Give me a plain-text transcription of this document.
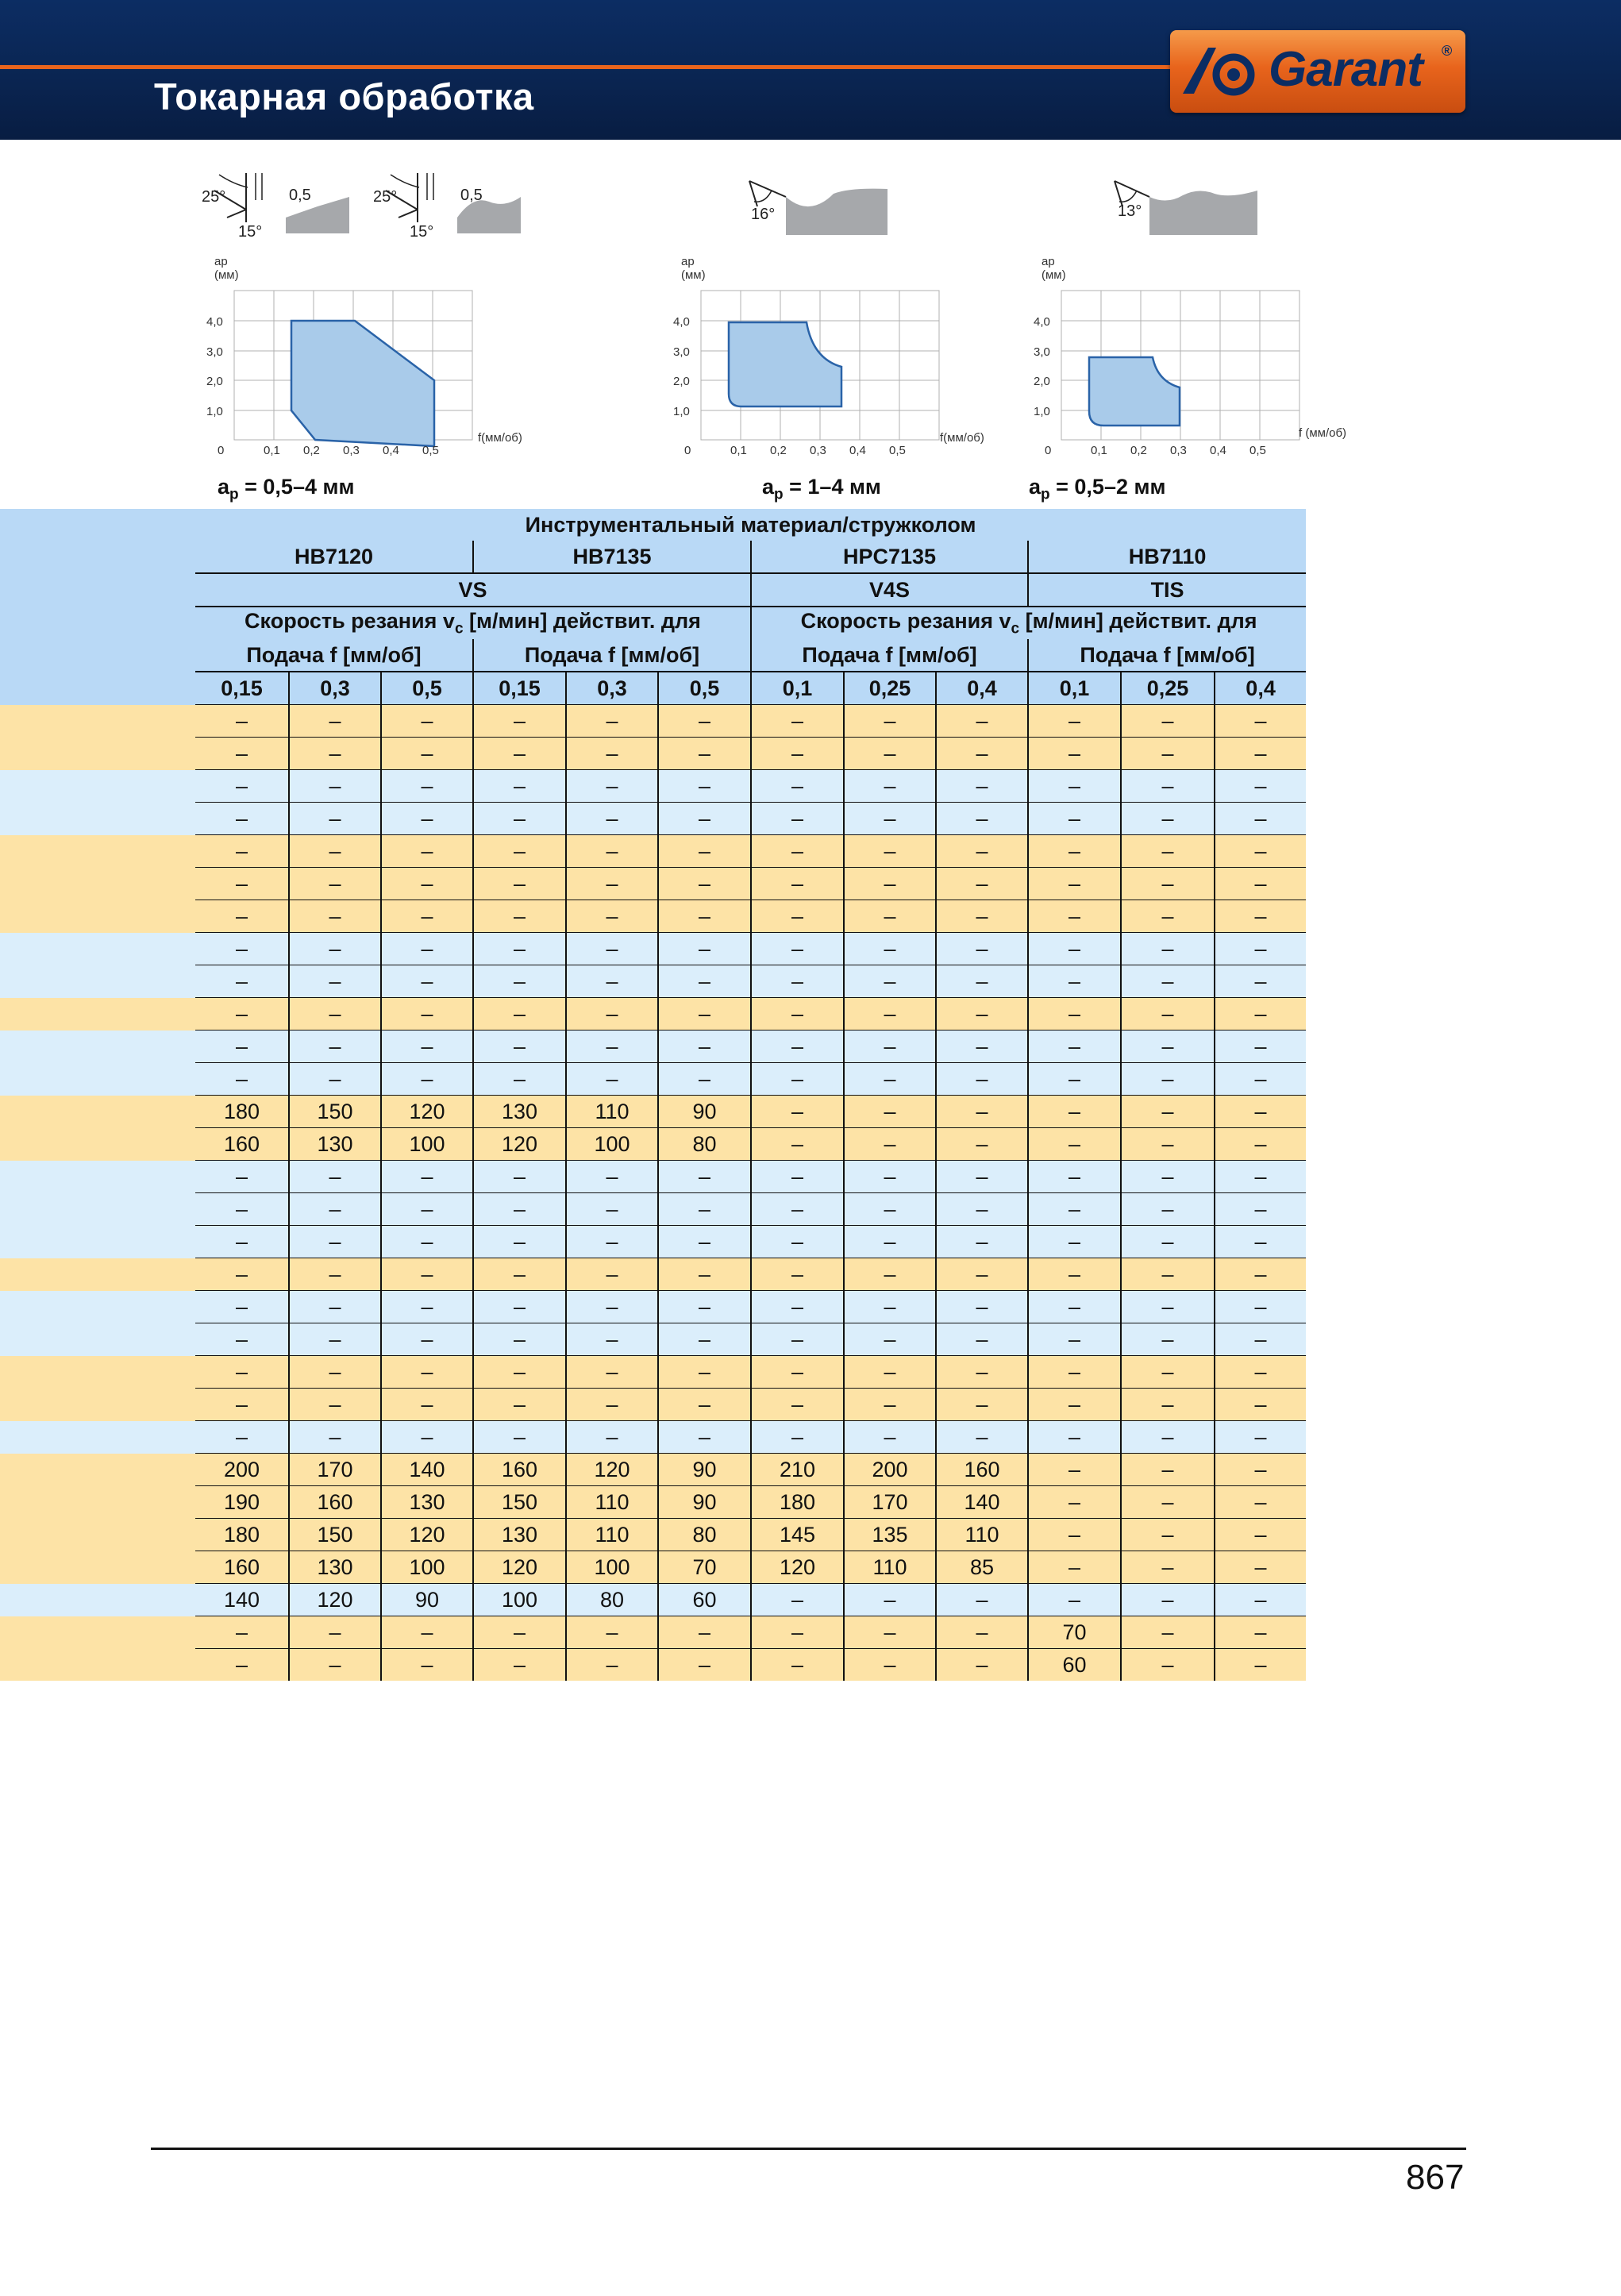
Токарная обработка	Garant ®
25°
15°
0,5	25°
15°
0,5
16°	13°
ap
(мм)
4,0
3,0
2,0
1,0
0	0,1 0,2 0,3 0,4 0,5
f(мм/об)
ap
(мм)
4,0
3,0
2,0
1,0
0	0,1 0,2 0,3 0,4 0,5
f(мм/об)
ap
(мм)
4,0
3,0
2,0
1,0
0	0,1 0,2 0,3 0,4 0,5
f (мм/об)
$a_p = 0,5-4$ мм	$a_p = 1-4$ мм	$a_p = 0,5-2$ мм
	Инструментальный материал/стружколом											
	HB7120			HB7135			HPC7135			HB7110		
	VS						V4S			TIS		
	Скорость резания $v_c$ [м/мин] действит. для						Скорость резания $v_c$ [м/мин] действит. для					
	Подача f [мм/об]			Подача f [мм/об]			Подача f [мм/об]			Подача f [мм/об]		
	0,15	0,3	0,5	0,15	0,3	0,5	0,1	0,25	0,4	0,1	0,25	0,4
	–	–	–	–	–	–	–	–	–	–	–	–
	–	–	–	–	–	–	–	–	–	–	–	–
	–	–	–	–	–	–	–	–	–	–	–	–
	–	–	–	–	–	–	–	–	–	–	–	–
	–	–	–	–	–	–	–	–	–	–	–	–
	–	–	–	–	–	–	–	–	–	–	–	–
	–	–	–	–	–	–	–	–	–	–	–	–
	–	–	–	–	–	–	–	–	–	–	–	–
	–	–	–	–	–	–	–	–	–	–	–	–
	–	–	–	–	–	–	–	–	–	–	–	–
	–	–	–	–	–	–	–	–	–	–	–	–
	–	–	–	–	–	–	–	–	–	–	–	–
	180	150	120	130	110	90	–	–	–	–	–	–
	160	130	100	120	100	80	–	–	–	–	–	–
	–	–	–	–	–	–	–	–	–	–	–	–
	–	–	–	–	–	–	–	–	–	–	–	–
	–	–	–	–	–	–	–	–	–	–	–	–
	–	–	–	–	–	–	–	–	–	–	–	–
	–	–	–	–	–	–	–	–	–	–	–	–
	–	–	–	–	–	–	–	–	–	–	–	–
	–	–	–	–	–	–	–	–	–	–	–	–
	–	–	–	–	–	–	–	–	–	–	–	–
	–	–	–	–	–	–	–	–	–	–	–	–
	200	170	140	160	120	90	210	200	160	–	–	–
	190	160	130	150	110	90	180	170	140	–	–	–
	180	150	120	130	110	80	145	135	110	–	–	–
	160	130	100	120	100	70	120	110	85	–	–	–
	140	120	90	100	80	60	–	–	–	–	–	–
	–	–	–	–	–	–	–	–	–	70	–	–
	–	–	–	–	–	–	–	–	–	60	–	–
867
